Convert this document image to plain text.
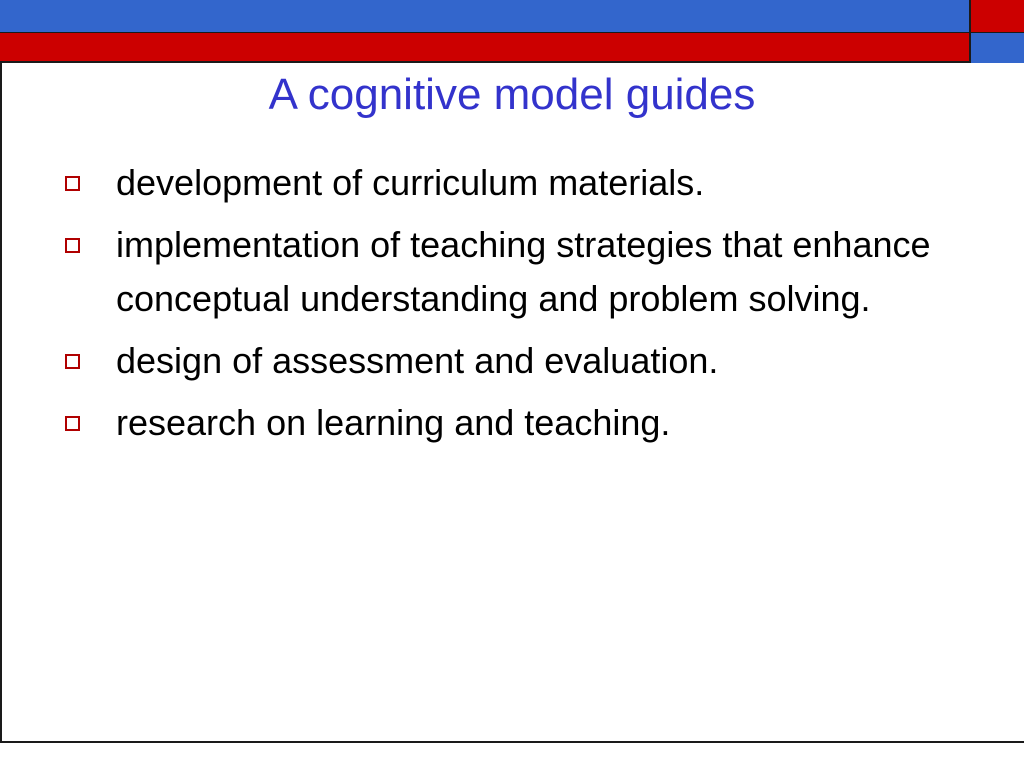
A cognitive model guides
development of curriculum materials.
implementation of teaching strategies that enhance conceptual understanding and problem solving.
design of assessment and evaluation.
research on learning and teaching.
